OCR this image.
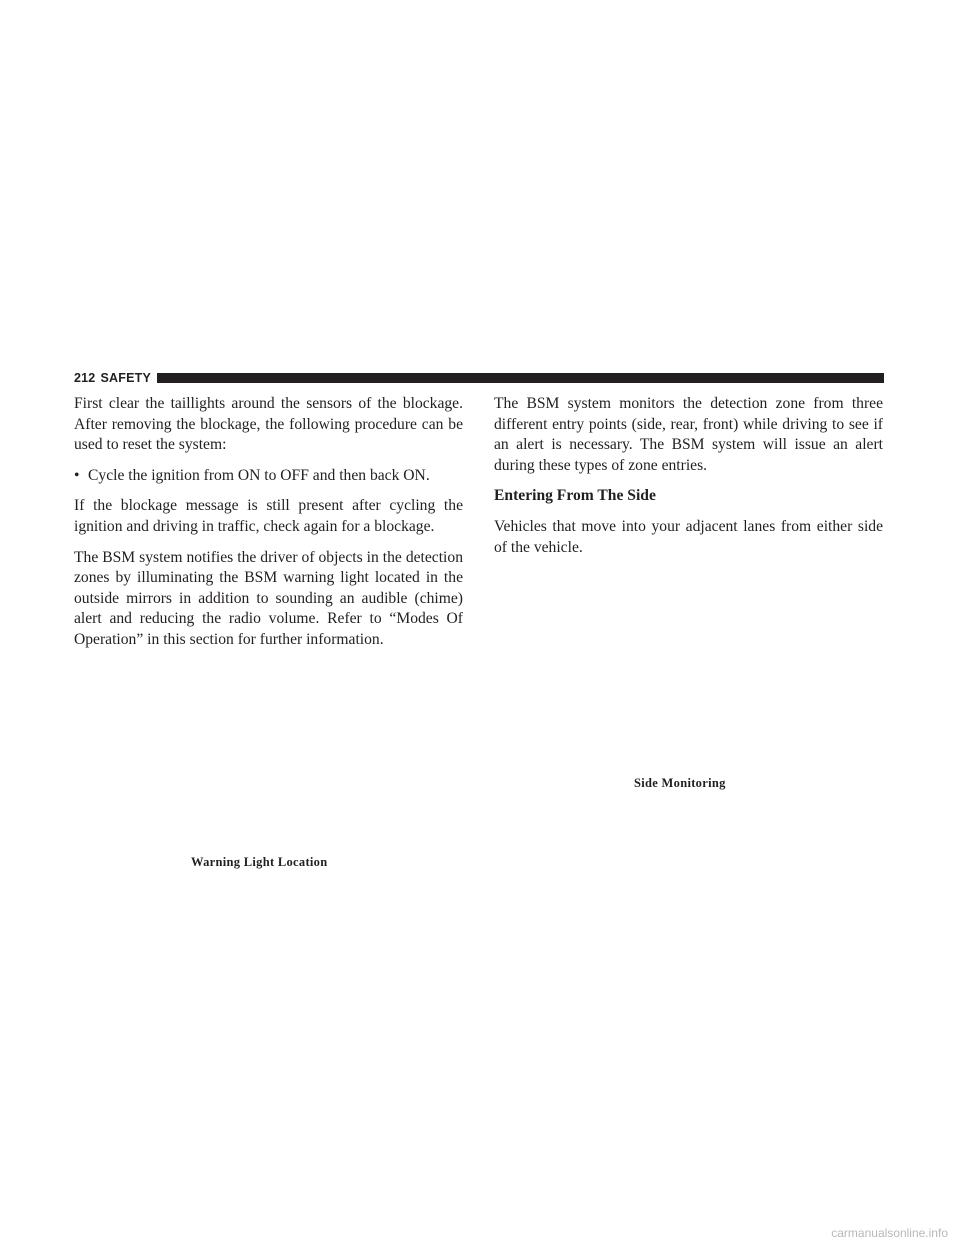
212 SAFETY

First clear the taillights around the sensors of the blockage. After removing the blockage, the following procedure can be used to reset the system:

• Cycle the ignition from ON to OFF and then back ON.

If the blockage message is still present after cycling the ignition and driving in traffic, check again for a blockage.

The BSM system notifies the driver of objects in the detection zones by illuminating the BSM warning light located in the outside mirrors in addition to sounding an audible (chime) alert and reducing the radio volume. Refer to “Modes Of Operation” in this section for further information.

The BSM system monitors the detection zone from three different entry points (side, rear, front) while driving to see if an alert is necessary. The BSM system will issue an alert during these types of zone entries.

Entering From The Side

Vehicles that move into your adjacent lanes from either side of the vehicle.

Side Monitoring
Warning Light Location
carmanualsonline.info
